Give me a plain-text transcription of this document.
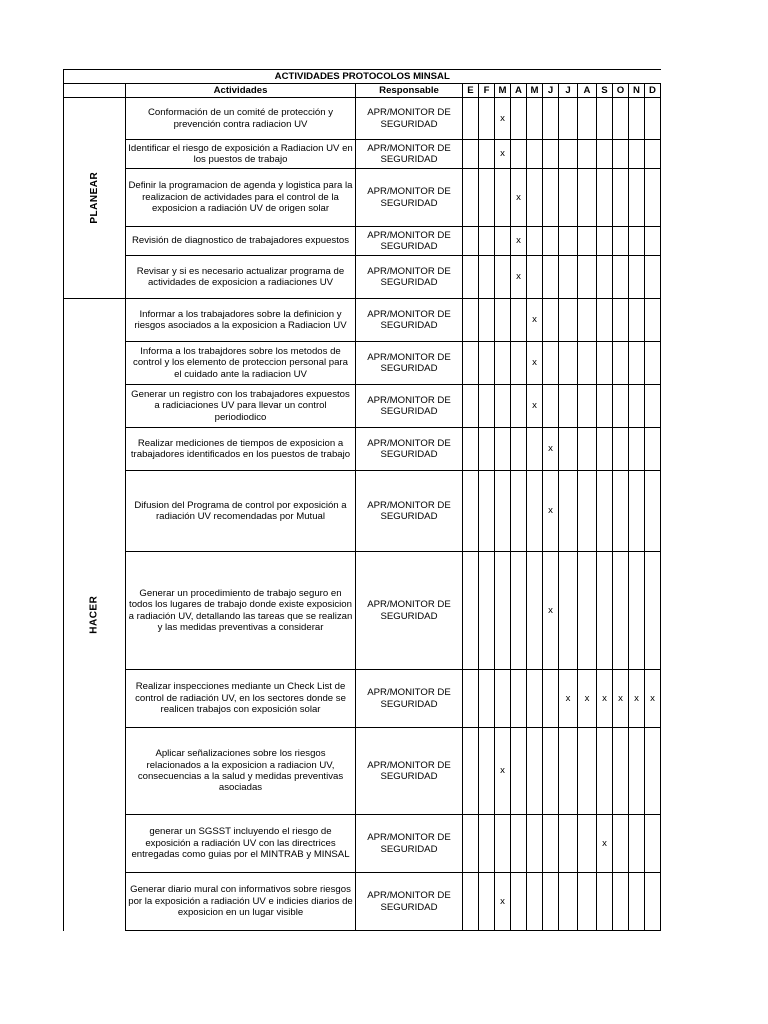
ACTIVIDADES PROTOCOLOS MINSAL														
	Actividades	Responsable	E	F	M	A	M	J	J	A	S	O	N	D
PLANEAR	Conformación de un comité de protección y prevención contra radiacion UV	APR/MONITOR DE SEGURIDAD			x									
	Identificar el riesgo de exposición a Radiacion UV en los puestos de trabajo	APR/MONITOR DE SEGURIDAD			x									
	Definir la programacion de agenda y logistica para la realizacion de actividades para el control de la exposicion a radiación UV de origen solar	APR/MONITOR DE SEGURIDAD				x								
	Revisión de diagnostico de trabajadores expuestos	APR/MONITOR DE SEGURIDAD				x								
	Revisar y si es necesario actualizar programa de actividades de exposicion a radiaciones UV	APR/MONITOR DE SEGURIDAD				x								
HACER	Informar a los trabajadores sobre la definicion y riesgos asociados a la exposicion a Radiacion UV	APR/MONITOR DE SEGURIDAD					x							
	Informa a los trabajdores sobre los metodos de control y los elemento de proteccion personal para el cuidado ante la radiacion UV	APR/MONITOR DE SEGURIDAD					x							
	Generar un registro con los trabajadores expuestos a radiciaciones UV para llevar un control periodiodico	APR/MONITOR DE SEGURIDAD					x							
	Realizar mediciones de tiempos de exposicion a trabajadores identificados en los puestos de trabajo	APR/MONITOR DE SEGURIDAD						x						
	Difusion del Programa de control por exposición a radiación UV recomendadas por Mutual	APR/MONITOR DE SEGURIDAD						x						
	Generar un procedimiento de trabajo seguro en todos los lugares de trabajo donde existe exposicion a radiación UV, detallando las tareas que se realizan y las medidas preventivas a considerar	APR/MONITOR DE SEGURIDAD						x						
	Realizar inspecciones mediante un Check List de control de radiación UV, en los sectores donde se realicen trabajos con exposición solar	APR/MONITOR DE SEGURIDAD							x	x	x	x	x	x
	Aplicar señalizaciones sobre los riesgos relacionados a la exposicion a radiacion UV, consecuencias a la salud y medidas preventivas asociadas	APR/MONITOR DE SEGURIDAD			x									
	generar un SGSST incluyendo el riesgo de exposición a radiación UV con las directrices entregadas como guias por el MINTRAB y MINSAL	APR/MONITOR DE SEGURIDAD									x			
	Generar diario mural con informativos sobre riesgos por la exposición a radiación UV e indicies diarios de exposicion en un lugar visible	APR/MONITOR DE SEGURIDAD			x									
